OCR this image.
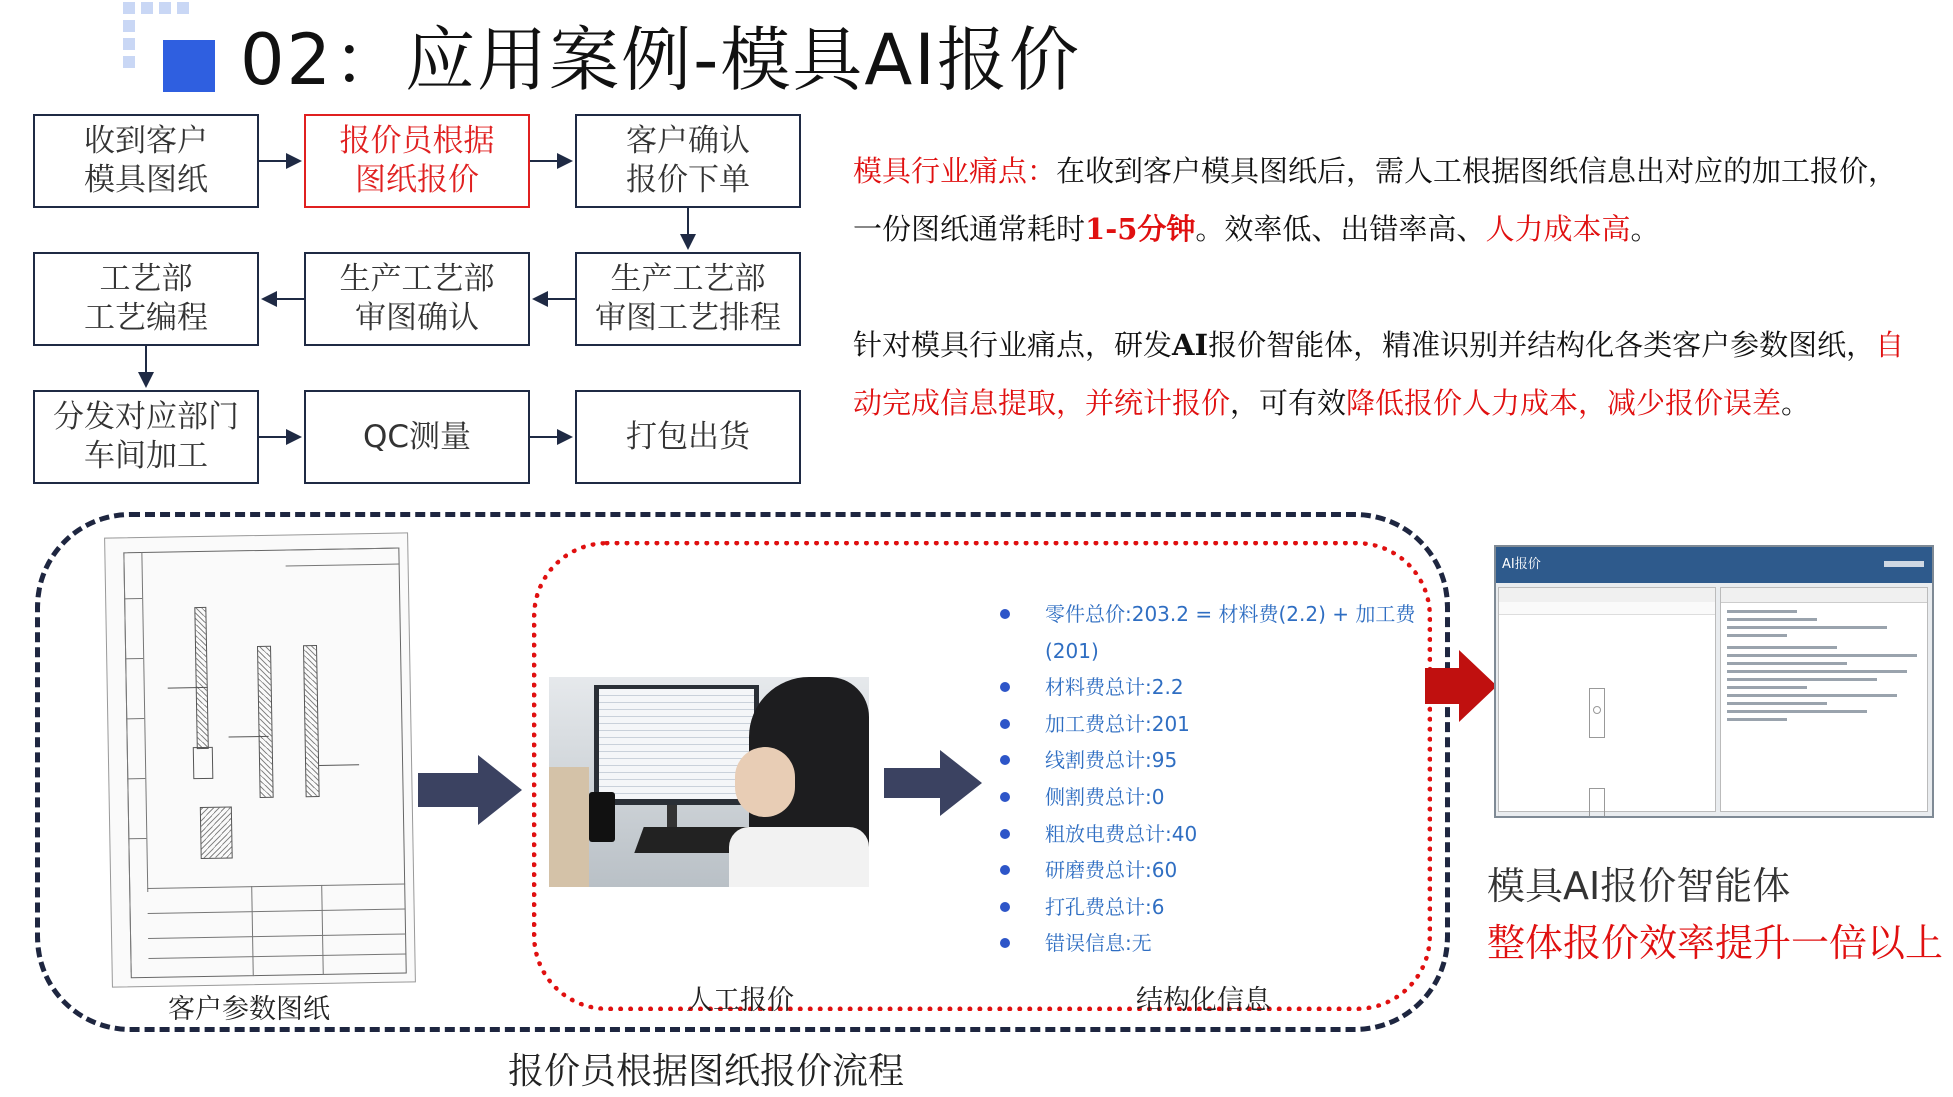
02：应用案例-模具AI报价
收到客户
模具图纸
报价员根据
图纸报价
客户确认
报价下单
工艺部
工艺编程
生产工艺部
审图确认
生产工艺部
审图工艺排程
分发对应部门
车间加工
QC测量	打包出货
模具行业痛点：在收到客户模具图纸后，需人工根据图纸信息出对应的加工报价，一份图纸通常耗时1-5分钟。效率低、出错率高、人力成本高。
针对模具行业痛点，研发AI报价智能体，精准识别并结构化各类客户参数图纸，自动完成信息提取，并统计报价，可有效降低报价人力成本，减少报价误差。
客户参数图纸	人工报价
零件总价:203.2 = 材料费(2.2) + 加工费(201)
材料费总计:2.2
加工费总计:201
线割费总计:95
侧割费总计:0
粗放电费总计:40
研磨费总计:60
打孔费总计:6
错误信息:无
结构化信息
AI报价
模具AI报价智能体
整体报价效率提升一倍以上
报价员根据图纸报价流程
